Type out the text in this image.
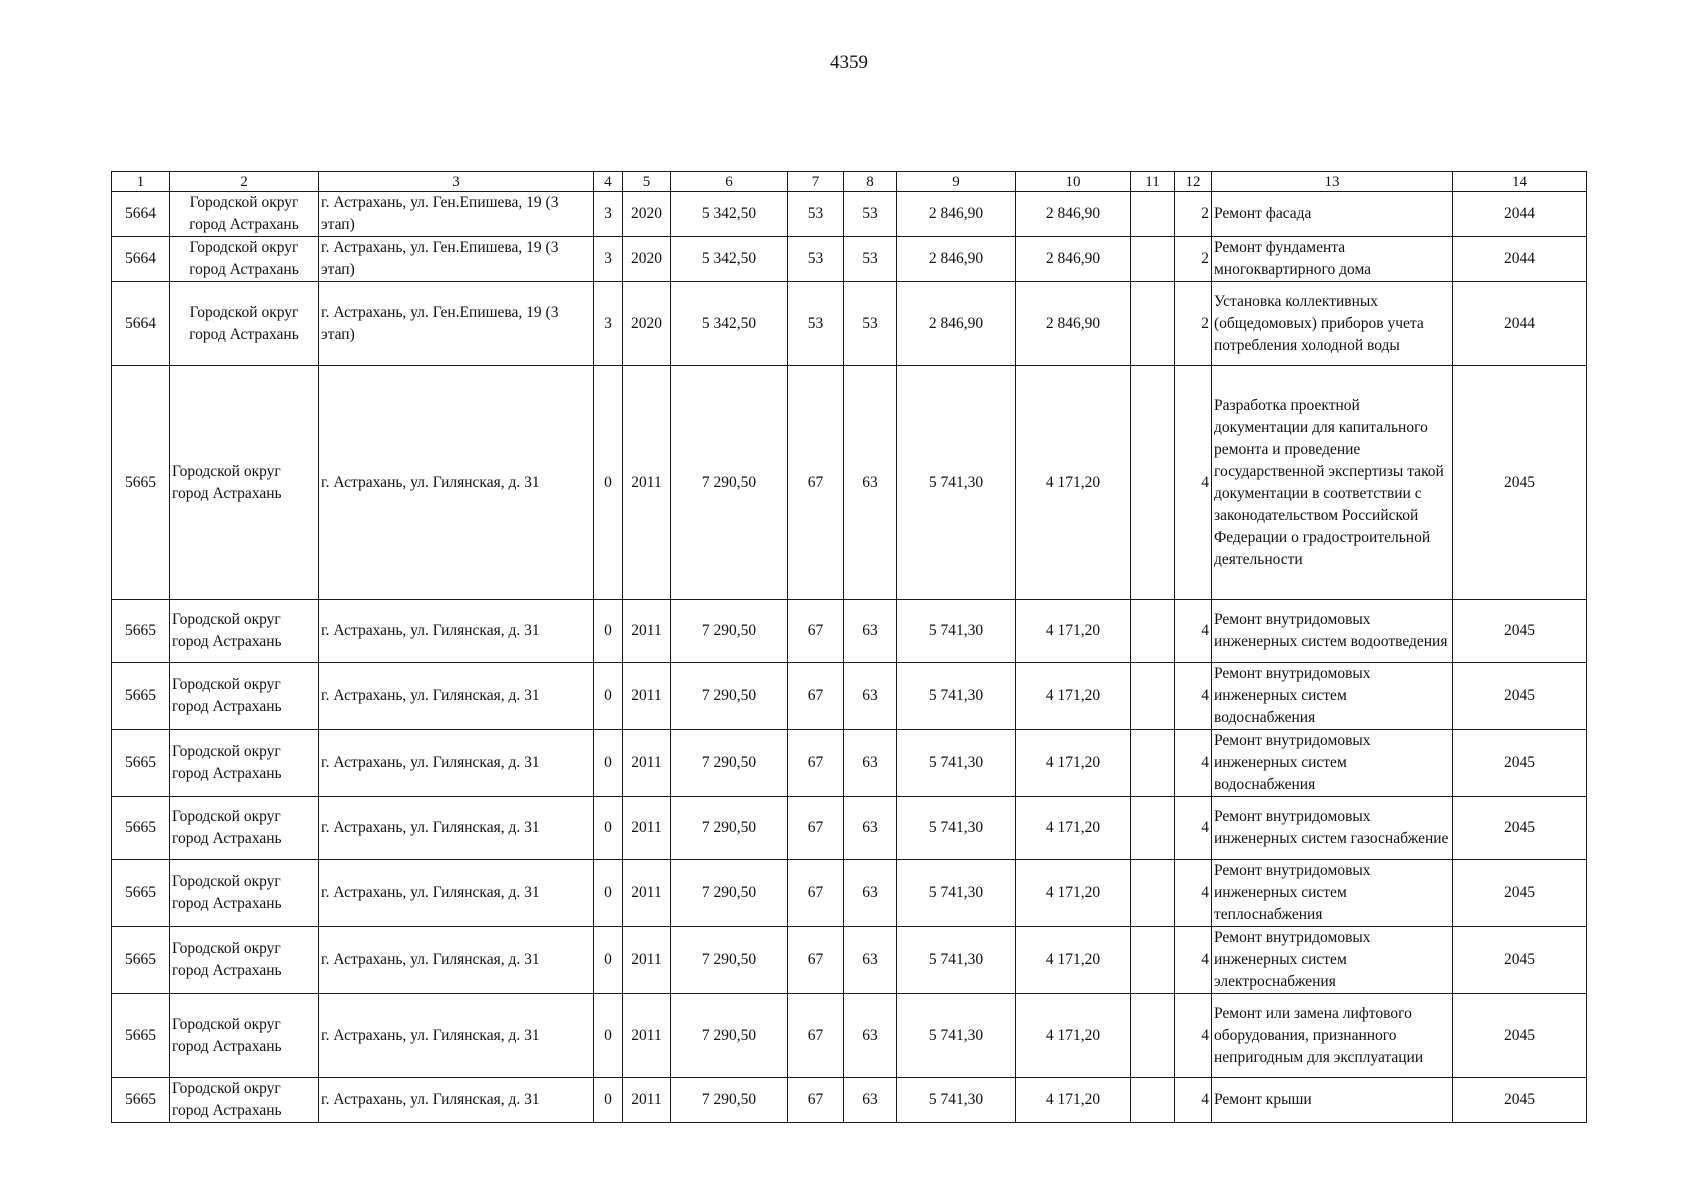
4359
1	2	3	4	5	6	7	8	9	10	11	12	13	14
5664	Городской округ город Астрахань	г. Астрахань, ул. Ген.Епишева, 19 (3 этап)	3	2020	5 342,50	53	53	2 846,90	2 846,90		2	Ремонт фасада	2044
5664	Городской округ город Астрахань	г. Астрахань, ул. Ген.Епишева, 19 (3 этап)	3	2020	5 342,50	53	53	2 846,90	2 846,90		2	Ремонт фундамента многоквартирного дома	2044
5664	Городской округ город Астрахань	г. Астрахань, ул. Ген.Епишева, 19 (3 этап)	3	2020	5 342,50	53	53	2 846,90	2 846,90		2	Установка коллективных (общедомовых) приборов учета потребления холодной воды	2044
5665	Городской округ город Астрахань	г. Астрахань, ул. Гилянская, д. 31	0	2011	7 290,50	67	63	5 741,30	4 171,20		4	Разработка проектной документации для капитального ремонта и проведение государственной экспертизы такой документации в соответствии с законодательством Российской Федерации о градостроительной деятельности	2045
5665	Городской округ город Астрахань	г. Астрахань, ул. Гилянская, д. 31	0	2011	7 290,50	67	63	5 741,30	4 171,20		4	Ремонт внутридомовых инженерных систем водоотведения	2045
5665	Городской округ город Астрахань	г. Астрахань, ул. Гилянская, д. 31	0	2011	7 290,50	67	63	5 741,30	4 171,20		4	Ремонт внутридомовых инженерных систем водоснабжения	2045
5665	Городской округ город Астрахань	г. Астрахань, ул. Гилянская, д. 31	0	2011	7 290,50	67	63	5 741,30	4 171,20		4	Ремонт внутридомовых инженерных систем водоснабжения	2045
5665	Городской округ город Астрахань	г. Астрахань, ул. Гилянская, д. 31	0	2011	7 290,50	67	63	5 741,30	4 171,20		4	Ремонт внутридомовых инженерных систем газоснабжение	2045
5665	Городской округ город Астрахань	г. Астрахань, ул. Гилянская, д. 31	0	2011	7 290,50	67	63	5 741,30	4 171,20		4	Ремонт внутридомовых инженерных систем теплоснабжения	2045
5665	Городской округ город Астрахань	г. Астрахань, ул. Гилянская, д. 31	0	2011	7 290,50	67	63	5 741,30	4 171,20		4	Ремонт внутридомовых инженерных систем электроснабжения	2045
5665	Городской округ город Астрахань	г. Астрахань, ул. Гилянская, д. 31	0	2011	7 290,50	67	63	5 741,30	4 171,20		4	Ремонт или замена лифтового оборудования, признанного непригодным для эксплуатации	2045
5665	Городской округ город Астрахань	г. Астрахань, ул. Гилянская, д. 31	0	2011	7 290,50	67	63	5 741,30	4 171,20		4	Ремонт крыши	2045
